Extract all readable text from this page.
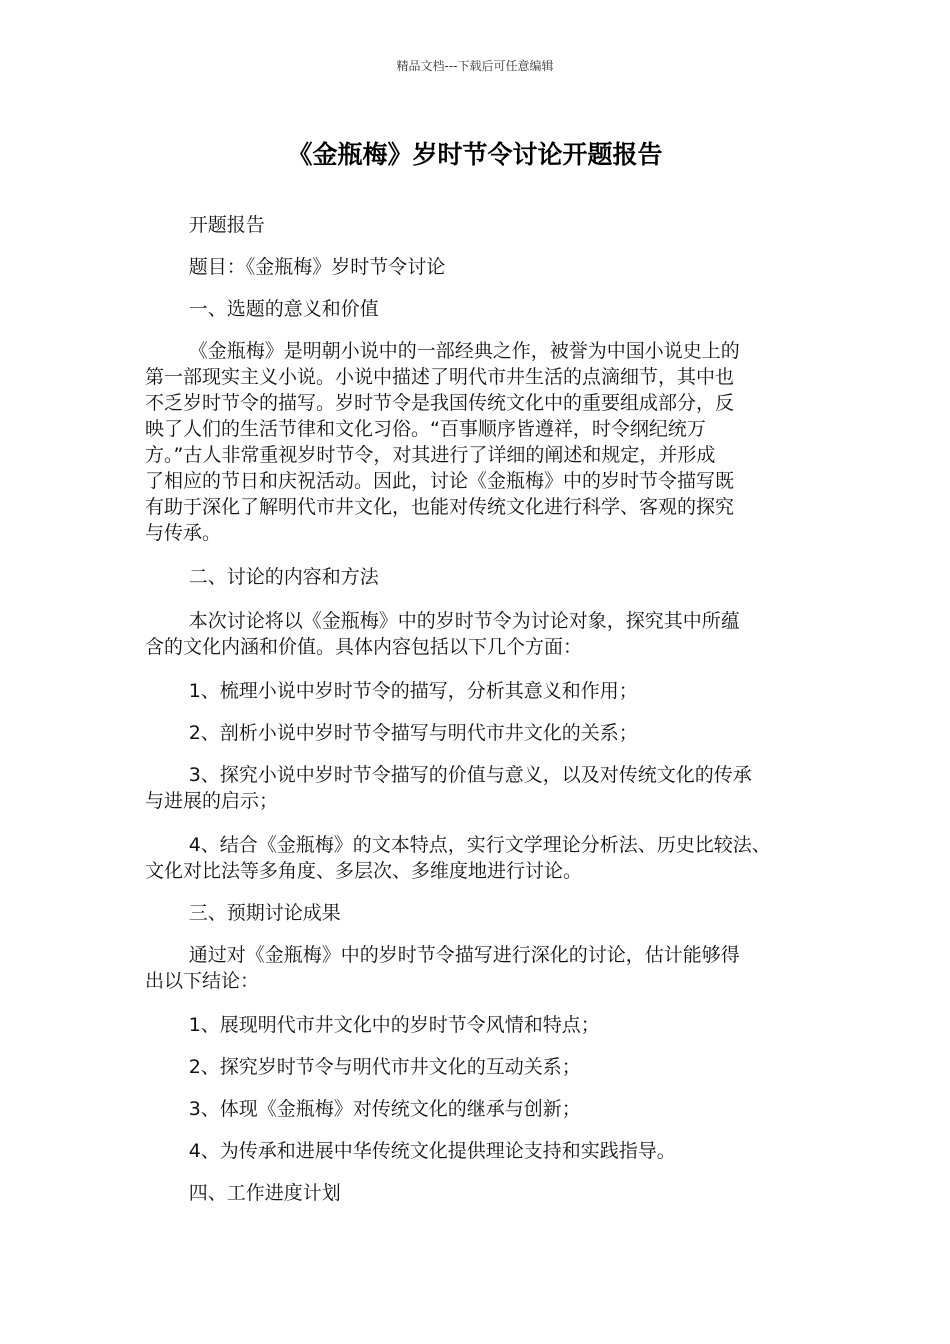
精品文档---下载后可任意编辑
《金瓶梅》岁时节令讨论开题报告

开题报告

题目：《金瓶梅》岁时节令讨论

一、选题的意义和价值

《金瓶梅》是明朝小说中的一部经典之作，被誉为中国小说史上的
第一部现实主义小说。小说中描述了明代市井生活的点滴细节，其中也
不乏岁时节令的描写。岁时节令是我国传统文化中的重要组成部分，反
映了人们的生活节律和文化习俗。“百事顺序皆遵祥，时令纲纪统万
方。”古人非常重视岁时节令，对其进行了详细的阐述和规定，并形成
了相应的节日和庆祝活动。因此，讨论《金瓶梅》中的岁时节令描写既
有助于深化了解明代市井文化，也能对传统文化进行科学、客观的探究
与传承。

二、讨论的内容和方法

本次讨论将以《金瓶梅》中的岁时节令为讨论对象，探究其中所蕴
含的文化内涵和价值。具体内容包括以下几个方面：

1、梳理小说中岁时节令的描写，分析其意义和作用；

2、剖析小说中岁时节令描写与明代市井文化的关系；

3、探究小说中岁时节令描写的价值与意义，以及对传统文化的传承
与进展的启示；

4、结合《金瓶梅》的文本特点，实行文学理论分析法、历史比较法、
文化对比法等多角度、多层次、多维度地进行讨论。

三、预期讨论成果

通过对《金瓶梅》中的岁时节令描写进行深化的讨论，估计能够得
出以下结论：

1、展现明代市井文化中的岁时节令风情和特点；

2、探究岁时节令与明代市井文化的互动关系；

3、体现《金瓶梅》对传统文化的继承与创新；

4、为传承和进展中华传统文化提供理论支持和实践指导。

四、工作进度计划
